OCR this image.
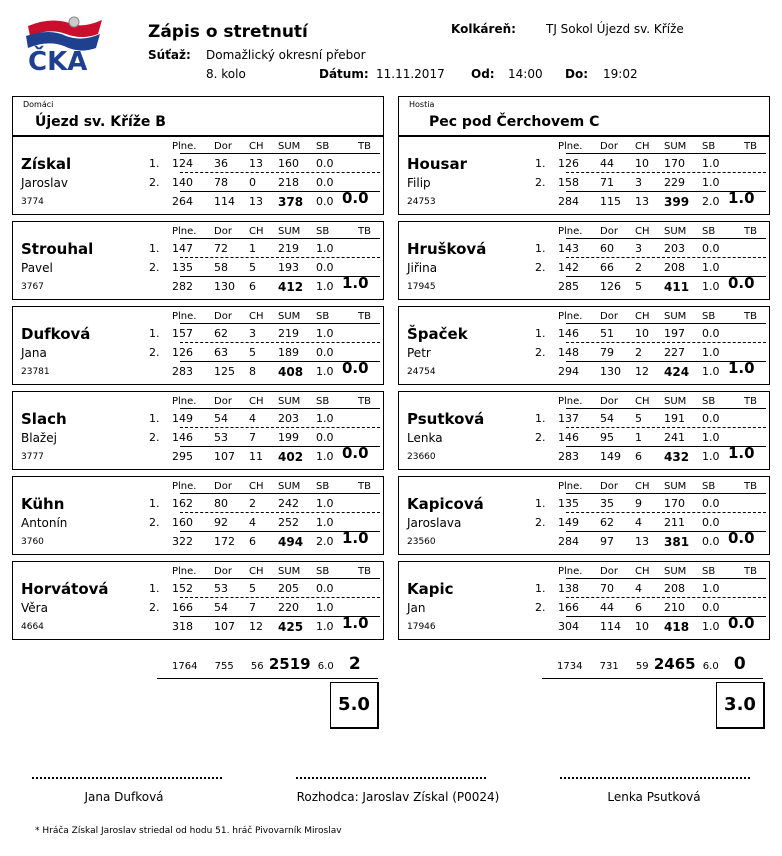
ČKA
Zápis o stretnutí	Kolkáreň:	TJ Sokol Újezd sv. Kříže
Súťaž: Domažlický okresní přebor
8. kolo	Dátum: 11.11.2017 Od: 14:00 Do: 19:02
Domáci
Újezd sv. Kříže B
Hostia
Pec pod Čerchovem C
Získal
Jaroslav
3774
Plne. Dor CH SUM SB	TB
1. 124 36 13 160 0.0
2. 140 78 0 218 0.0
264 114 13 378 0.0 0.0
Strouhal
Pavel
3767
Plne. Dor CH SUM SB	TB
1. 147 72 1 219 1.0
2. 135 58 5 193 0.0
282 130 6 412 1.0 1.0
Dufková
Jana
23781
Plne. Dor CH SUM SB	TB
1. 157 62 3 219 1.0
2. 126 63 5 189 0.0
283 125 8 408 1.0 0.0
Slach
Blažej
3777
Plne. Dor CH SUM SB	TB
1. 149 54 4 203 1.0
2. 146 53 7 199 0.0
295 107 11 402 1.0 0.0
Kühn
Antonín
3760
Plne. Dor CH SUM SB	TB
1. 162 80 2 242 1.0
2. 160 92 4 252 1.0
322 172 6 494 2.0 1.0
Horvátová
Věra
4664
Plne. Dor CH SUM SB	TB
1. 152 53 5 205 0.0
2. 166 54 7 220 1.0
318 107 12 425 1.0 1.0
Housar
Filip
24753
Plne. Dor CH SUM SB	TB
1. 126 44 10 170 1.0
2. 158 71 3 229 1.0
284 115 13 399 2.0 1.0
Hrušková
Jiřina
17945
Plne. Dor CH SUM SB	TB
1. 143 60 3 203 0.0
2. 142 66 2 208 1.0
285 126 5 411 1.0 0.0
Špaček
Petr
24754
Plne. Dor CH SUM SB	TB
1. 146 51 10 197 0.0
2. 148 79 2 227 1.0
294 130 12 424 1.0 1.0
Psutková
Lenka
23660
Plne. Dor CH SUM SB	TB
1. 137 54 5 191 0.0
2. 146 95 1 241 1.0
283 149 6 432 1.0 1.0
Kapicová
Jaroslava
23560
Plne. Dor CH SUM SB	TB
1. 135 35 9 170 0.0
2. 149 62 4 211 0.0
284 97 13 381 0.0 0.0
Kapic
Jan
17946
Plne. Dor CH SUM SB	TB
1. 138 70 4 208 1.0
2. 166 44 6 210 0.0
304 114 10 418 1.0 0.0
1764 755 56 2519 6.0 2
5.0
1734 731 59 2465 6.0 0
3.0
Jana Dufková	Rozhodca: Jaroslav Získal (P0024)	Lenka Psutková
* Hráča Získal Jaroslav striedal od hodu 51. hráč Pivovarník Miroslav
